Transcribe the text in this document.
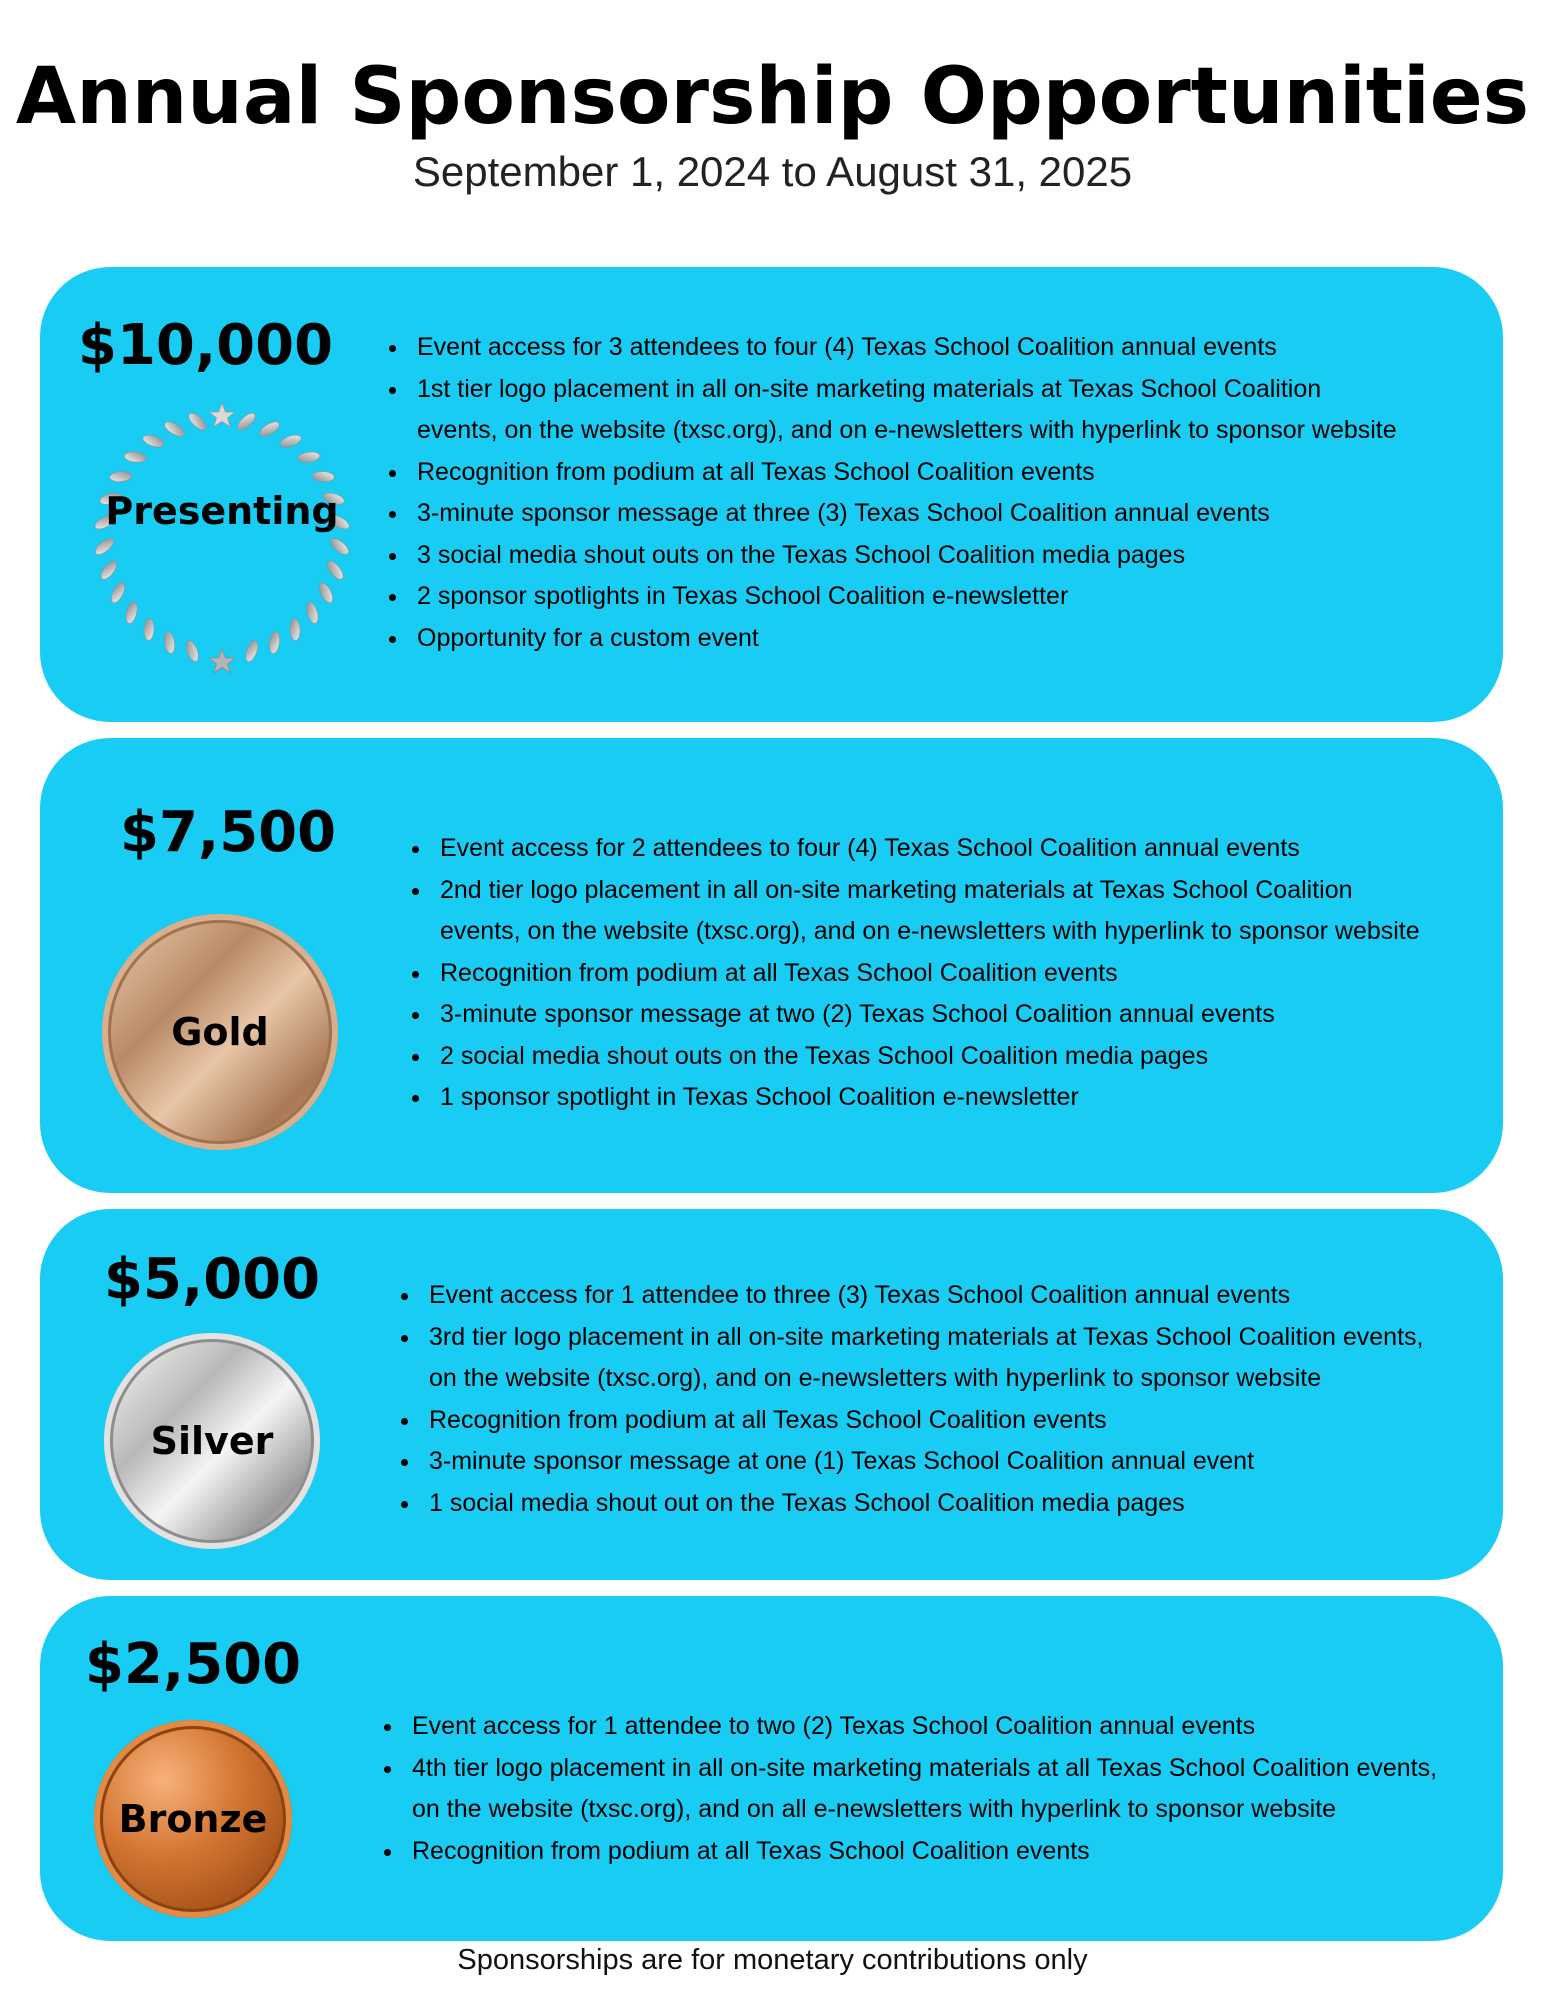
Annual Sponsorship Opportunities
September 1, 2024 to August 31, 2025
$10,000
Presenting
Event access for 3 attendees to four (4) Texas School Coalition annual events
1st tier logo placement in all on-site marketing materials at Texas School Coalition events, on the website (txsc.org), and on e-newsletters with hyperlink to sponsor website
Recognition from podium at all Texas School Coalition events
3-minute sponsor message at three (3) Texas School Coalition annual events
3 social media shout outs on the Texas School Coalition media pages
2 sponsor spotlights in Texas School Coalition e-newsletter
Opportunity for a custom event
$7,500
Gold
Event access for 2 attendees to four (4) Texas School Coalition annual events
2nd tier logo placement in all on-site marketing materials at Texas School Coalition events, on the website (txsc.org), and on e-newsletters with hyperlink to sponsor website
Recognition from podium at all Texas School Coalition events
3-minute sponsor message at two (2) Texas School Coalition annual events
2 social media shout outs on the Texas School Coalition media pages
1 sponsor spotlight in Texas School Coalition e-newsletter
$5,000
Silver
Event access for 1 attendee to three (3) Texas School Coalition annual events
3rd tier logo placement in all on-site marketing materials at Texas School Coalition events, on the website (txsc.org), and on e-newsletters with hyperlink to sponsor website
Recognition from podium at all Texas School Coalition events
3-minute sponsor message at one (1) Texas School Coalition annual event
1 social media shout out on the Texas School Coalition media pages
$2,500
Bronze
Event access for 1 attendee to two (2) Texas School Coalition annual events
4th tier logo placement in all on-site marketing materials at all Texas School Coalition events, on the website (txsc.org), and on all e-newsletters with hyperlink to sponsor website
Recognition from podium at all Texas School Coalition events
Sponsorships are for monetary contributions only
